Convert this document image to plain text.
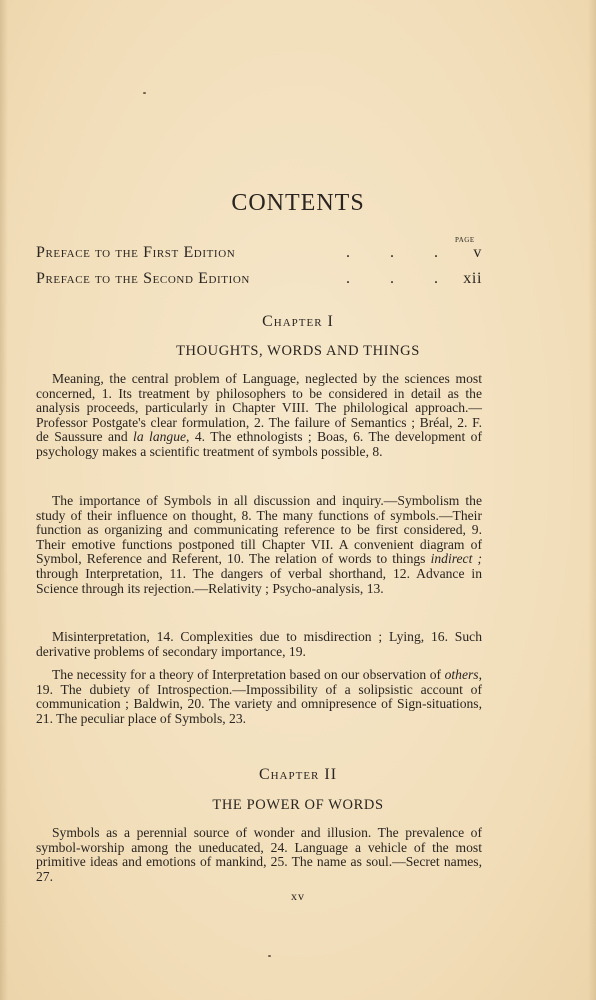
CONTENTS
PAGE
Preface to the First Edition	. . .	v
Preface to the Second Edition	. . . xii
Chapter I
THOUGHTS, WORDS AND THINGS

Meaning, the central problem of Language, neglected by the sciences most concerned, 1. Its treatment by philosophers to be considered in detail as the analysis proceeds, particularly in Chapter VIII. The philological approach.—Professor Postgate's clear formulation, 2. The failure of Semantics ; Bréal, 2. F. de Saussure and la langue, 4. The ethnologists ; Boas, 6. The development of psychology makes a scientific treatment of symbols possible, 8.

The importance of Symbols in all discussion and inquiry.—Symbolism the study of their influence on thought, 8. The many functions of symbols.—Their function as organizing and communicating reference to be first considered, 9. Their emotive functions postponed till Chapter VII. A convenient diagram of Symbol, Reference and Referent, 10. The relation of words to things indirect ; through Interpretation, 11. The dangers of verbal shorthand, 12. Advance in Science through its rejection.—Relativity ; Psycho-analysis, 13.

Misinterpretation, 14. Complexities due to misdirection ; Lying, 16. Such derivative problems of secondary importance, 19.

The necessity for a theory of Interpretation based on our observation of others, 19. The dubiety of Introspection.—Impossibility of a solipsistic account of communication ; Baldwin, 20. The variety and omnipresence of Sign-situations, 21. The peculiar place of Symbols, 23.

Chapter II
THE POWER OF WORDS

Symbols as a perennial source of wonder and illusion. The prevalence of symbol-worship among the uneducated, 24. Language a vehicle of the most primitive ideas and emotions of mankind, 25. The name as soul.—Secret names, 27.

xv
